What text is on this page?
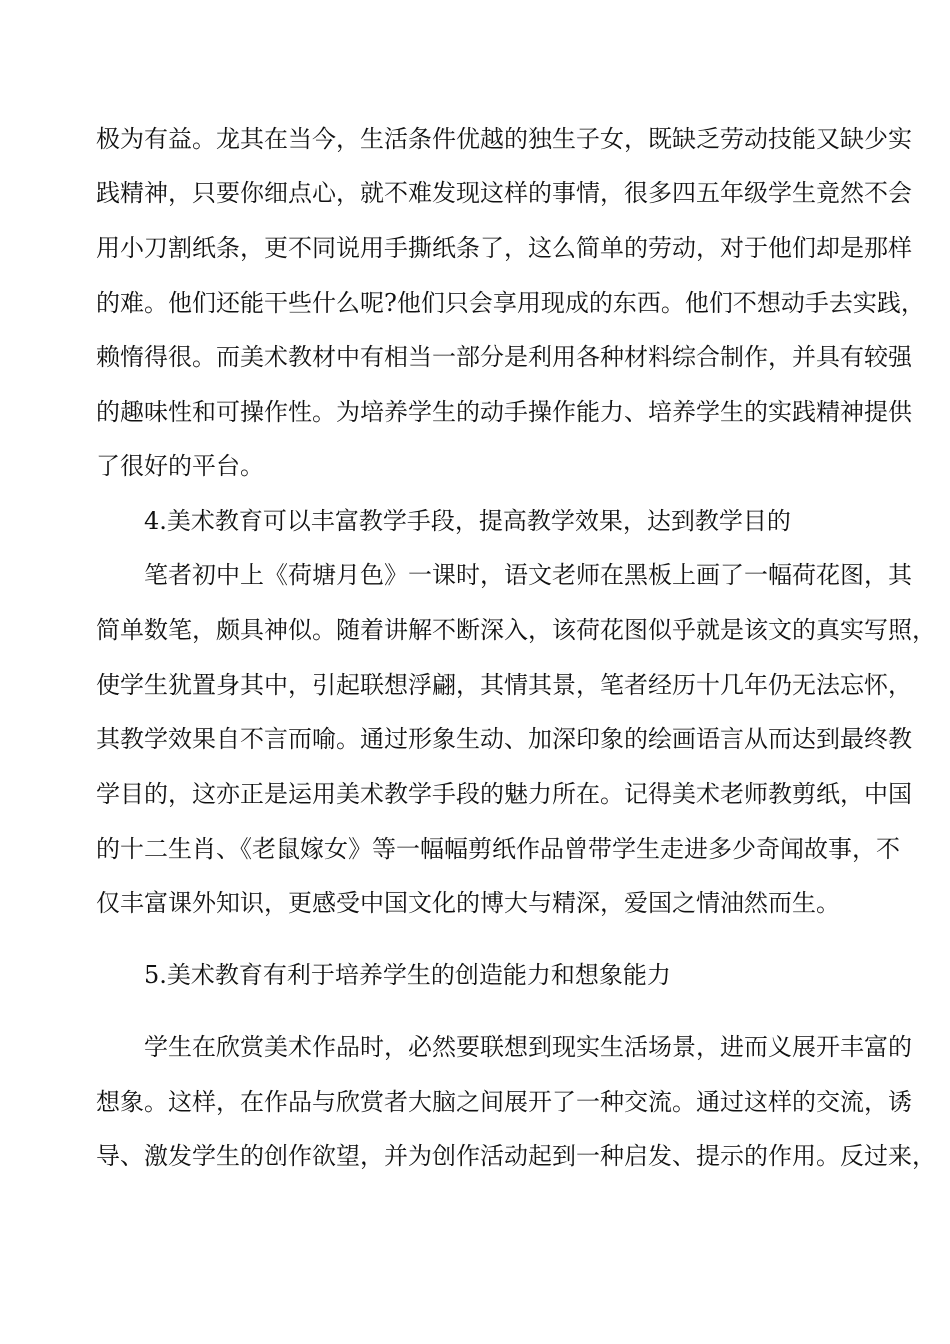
极为有益。龙其在当今，生活条件优越的独生子女，既缺乏劳动技能又缺少实

践精神，只要你细点心，就不难发现这样的事情，很多四五年级学生竟然不会

用小刀割纸条，更不同说用手撕纸条了，这么简单的劳动，对于他们却是那样

的难。他们还能干些什么呢?他们只会享用现成的东西。他们不想动手去实践，

赖惰得很。而美术教材中有相当一部分是利用各种材料综合制作，并具有较强

的趣味性和可操作性。为培养学生的动手操作能力、培养学生的实践精神提供

了很好的平台。

4.美术教育可以丰富教学手段，提高教学效果，达到教学目的

笔者初中上《荷塘月色》一课时，语文老师在黑板上画了一幅荷花图，其

简单数笔，颇具神似。随着讲解不断深入，该荷花图似乎就是该文的真实写照，

使学生犹置身其中，引起联想浮翩，其情其景，笔者经历十几年仍无法忘怀，

其教学效果自不言而喻。通过形象生动、加深印象的绘画语言从而达到最终教

学目的，这亦正是运用美术教学手段的魅力所在。记得美术老师教剪纸，中国

的十二生肖、《老鼠嫁女》等一幅幅剪纸作品曾带学生走进多少奇闻故事，不

仅丰富课外知识，更感受中国文化的博大与精深，爱国之情油然而生。

5.美术教育有利于培养学生的创造能力和想象能力

学生在欣赏美术作品时，必然要联想到现实生活场景，进而义展开丰富的

想象。这样，在作品与欣赏者大脑之间展开了一种交流。通过这样的交流，诱

导、激发学生的创作欲望，并为创作活动起到一种启发、提示的作用。反过来，
